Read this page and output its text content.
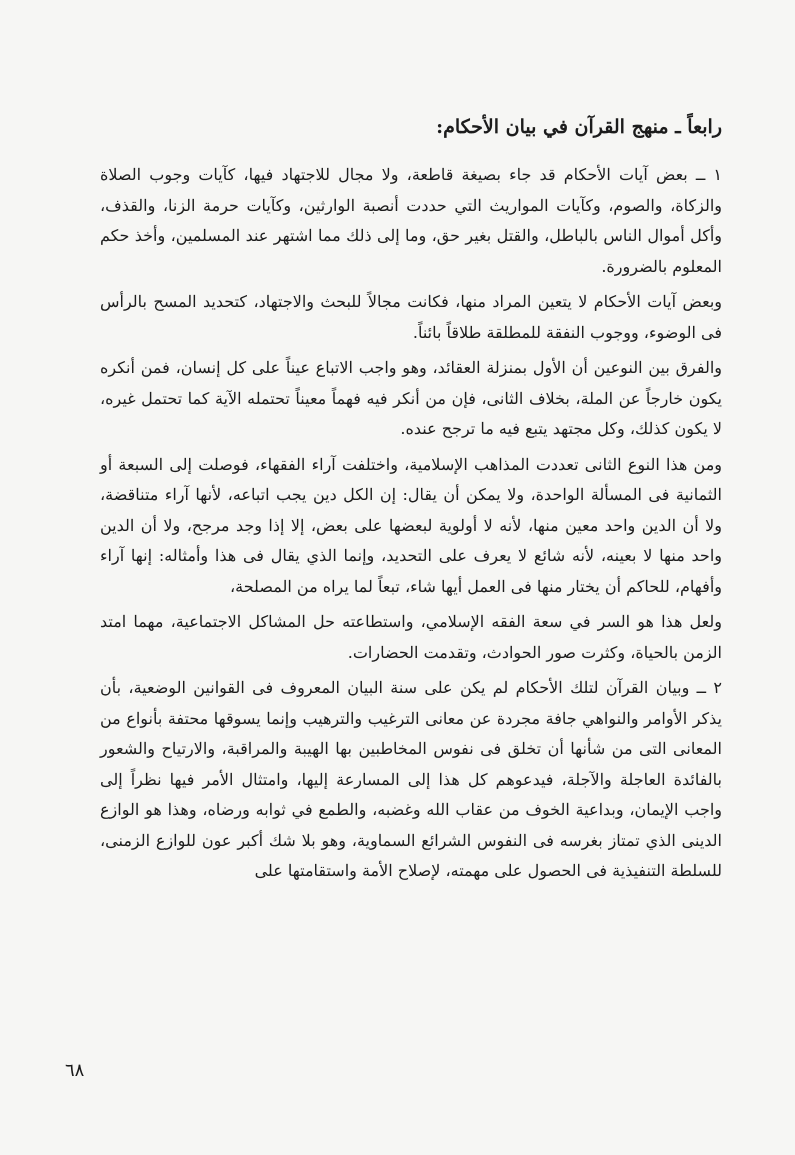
رابعاً ـ منهج القرآن في بيان الأحكام:

١ ــ بعض آيات الأحكام قد جاء بصيغة قاطعة، ولا مجال للاجتهاد فيها، كآيات وجوب الصلاة والزكاة، والصوم، وكآيات المواريث التي حددت أنصبة الوارثين، وكآيات حرمة الزنا، والقذف، وأكل أموال الناس بالباطل، والقتل بغير حق، وما إلى ذلك مما اشتهر عند المسلمين، وأخذ حكم المعلوم بالضرورة.

وبعض آيات الأحكام لا يتعين المراد منها، فكانت مجالاً للبحث والاجتهاد، كتحديد المسح بالرأس فى الوضوء، ووجوب النفقة للمطلقة طلاقاً بائناً.

والفرق بين النوعين أن الأول بمنزلة العقائد، وهو واجب الاتباع عيناً على كل إنسان، فمن أنكره يكون خارجاً عن الملة، بخلاف الثانى، فإن من أنكر فيه فهماً معيناً تحتمله الآية كما تحتمل غيره، لا يكون كذلك، وكل مجتهد يتبع فيه ما ترجح عنده.

ومن هذا النوع الثانى تعددت المذاهب الإسلامية، واختلفت آراء الفقهاء، فوصلت إلى السبعة أو الثمانية فى المسألة الواحدة، ولا يمكن أن يقال: إن الكل دين يجب اتباعه، لأنها آراء متناقضة، ولا أن الدين واحد معين منها، لأنه لا أولوية لبعضها على بعض، إلا إذا وجد مرجح، ولا أن الدين واحد منها لا بعينه، لأنه شائع لا يعرف على التحديد، وإنما الذي يقال فى هذا وأمثاله: إنها آراء وأفهام، للحاكم أن يختار منها فى العمل أيها شاء، تبعاً لما يراه من المصلحة،

ولعل هذا هو السر في سعة الفقه الإسلامي، واستطاعته حل المشاكل الاجتماعية، مهما امتد الزمن بالحياة، وكثرت صور الحوادث، وتقدمت الحضارات.

٢ ــ وبيان القرآن لتلك الأحكام لم يكن على سنة البيان المعروف فى القوانين الوضعية، بأن يذكر الأوامر والنواهي جافة مجردة عن معانى الترغيب والترهيب وإنما يسوقها محتفة بأنواع من المعانى التى من شأنها أن تخلق فى نفوس المخاطبين بها الهيبة والمراقبة، والارتياح والشعور بالفائدة العاجلة والآجلة، فيدعوهم كل هذا إلى المسارعة إليها، وامتثال الأمر فيها نظراً إلى واجب الإيمان، وبداعية الخوف من عقاب الله وغضبه، والطمع في ثوابه ورضاه، وهذا هو الوازع الدينى الذي تمتاز بغرسه فى النفوس الشرائع السماوية، وهو بلا شك أكبر عون للوازع الزمنى، للسلطة التنفيذية فى الحصول على مهمته، لإصلاح الأمة واستقامتها على

٦٨
